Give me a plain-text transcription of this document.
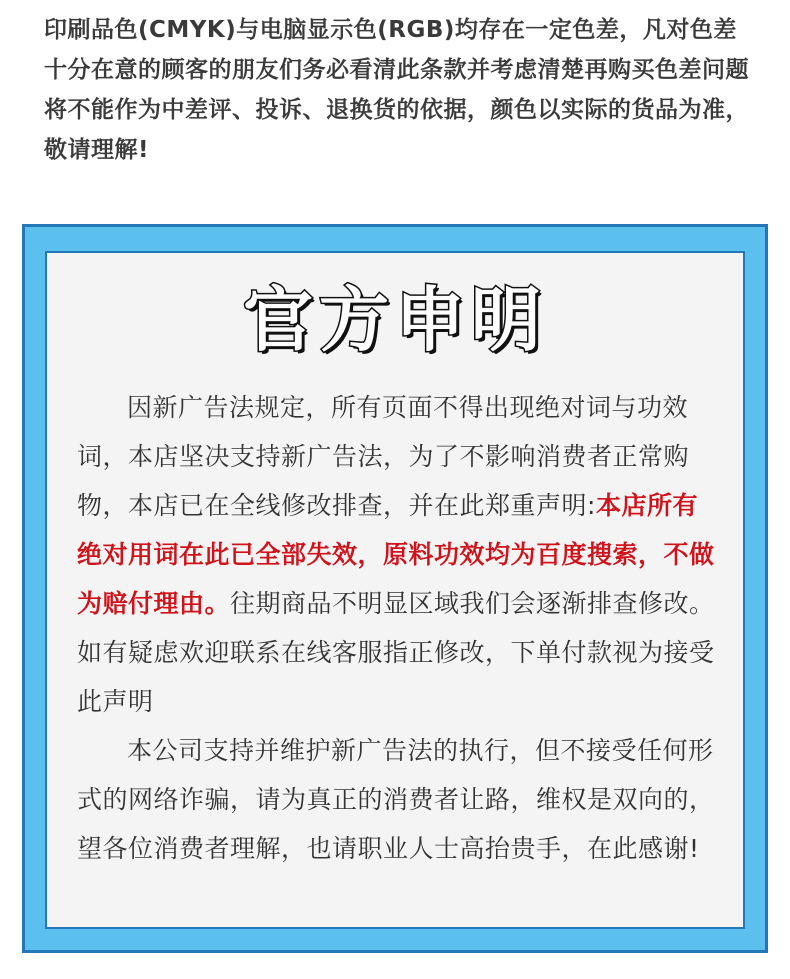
印刷品色(CMYK)与电脑显示色(RGB)均存在一定色差，凡对色差十分在意的顾客的朋友们务必看清此条款并考虑清楚再购买色差问题将不能作为中差评、投诉、退换货的依据，颜色以实际的货品为准，敬请理解!
官方申明

因新广告法规定，所有页面不得出现绝对词与功效词，本店坚决支持新广告法，为了不影响消费者正常购物，本店已在全线修改排查，并在此郑重声明:本店所有绝对用词在此已全部失效，原料功效均为百度搜索，不做为赔付理由。往期商品不明显区域我们会逐渐排查修改。如有疑虑欢迎联系在线客服指正修改，下单付款视为接受此声明

本公司支持并维护新广告法的执行，但不接受任何形式的网络诈骗，请为真正的消费者让路，维权是双向的，望各位消费者理解，也请职业人士高抬贵手，在此感谢!
